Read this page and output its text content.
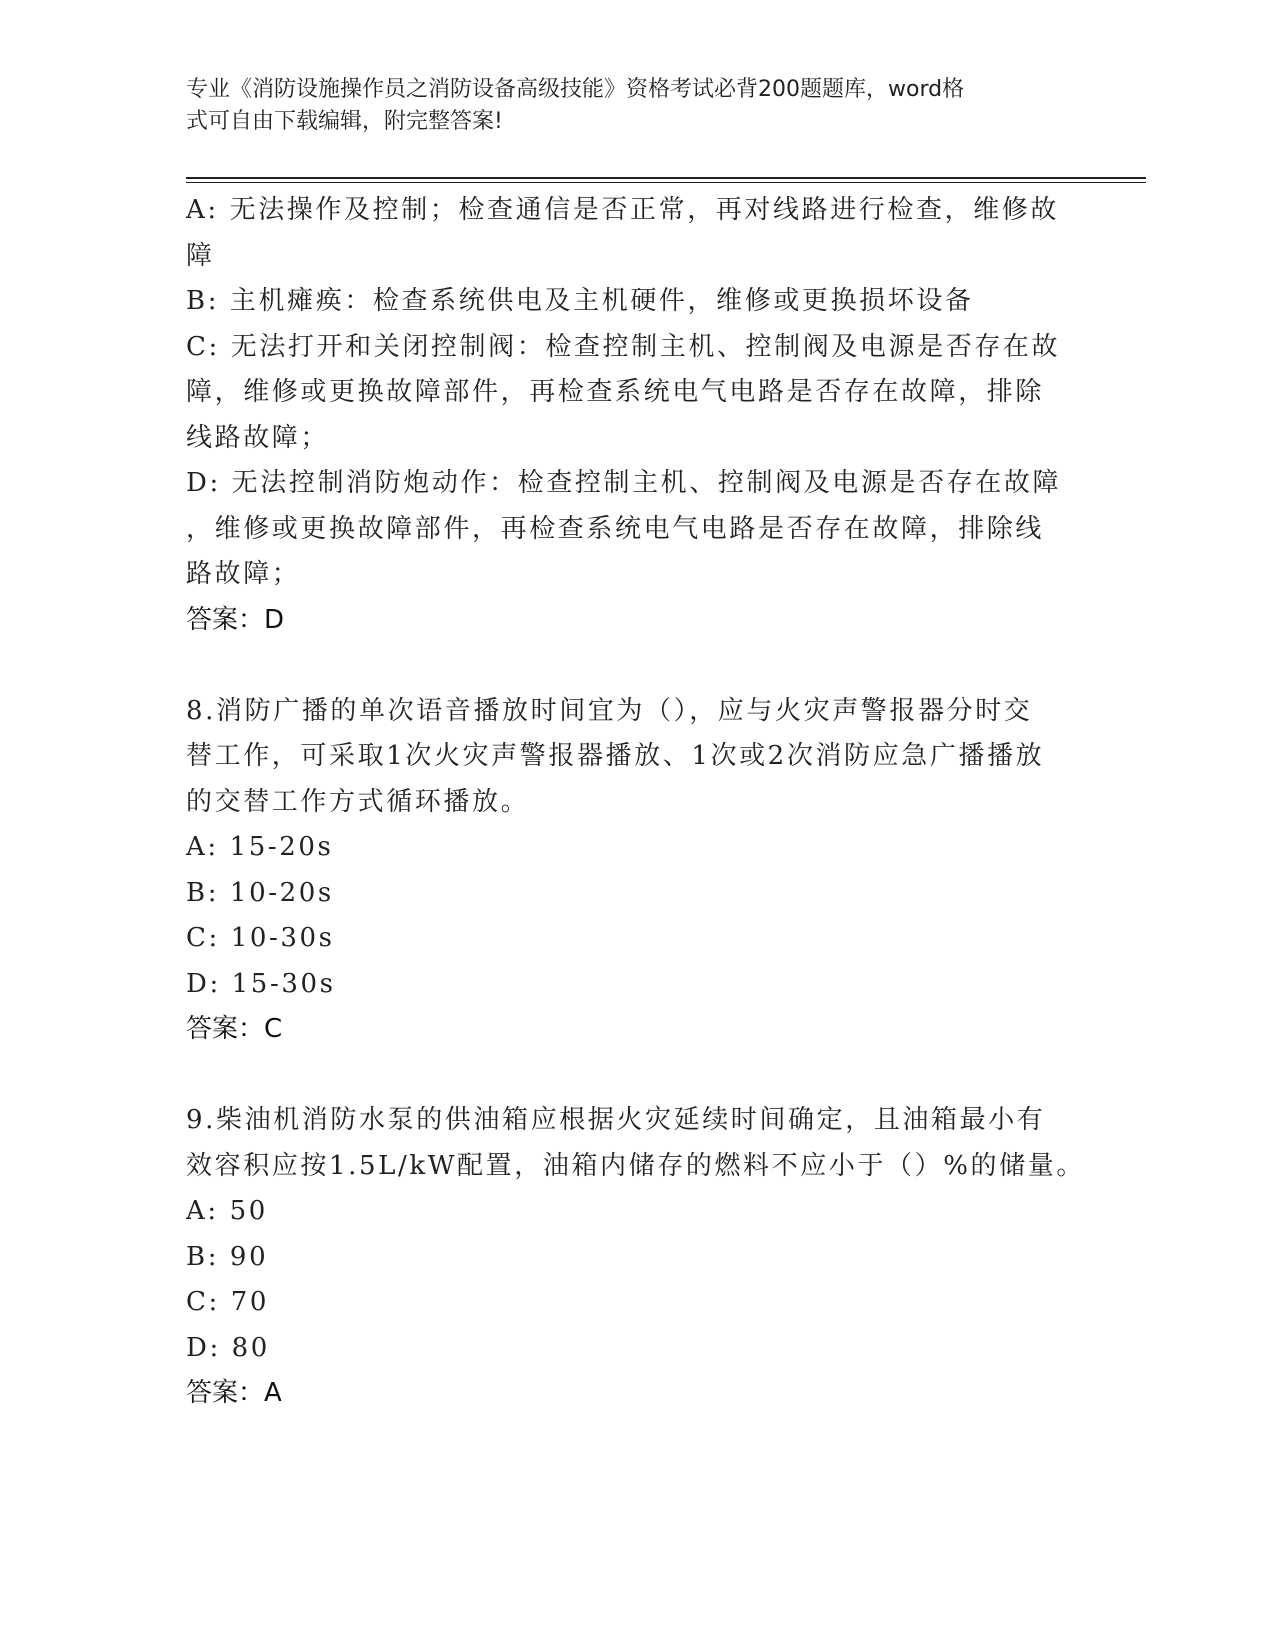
专业《消防设施操作员之消防设备高级技能》资格考试必背200题题库，word格
式可自由下载编辑，附完整答案!
A: 无法操作及控制；检查通信是否正常，再对线路进行检查，维修故
障
B: 主机瘫痪：检查系统供电及主机硬件，维修或更换损坏设备
C: 无法打开和关闭控制阀：检查控制主机、控制阀及电源是否存在故
障，维修或更换故障部件，再检查系统电气电路是否存在故障，排除
线路故障；
D: 无法控制消防炮动作：检查控制主机、控制阀及电源是否存在故障
，维修或更换故障部件，再检查系统电气电路是否存在故障，排除线
路故障；
答案：D
8.消防广播的单次语音播放时间宜为（），应与火灾声警报器分时交
替工作，可采取1次火灾声警报器播放、1次或2次消防应急广播播放
的交替工作方式循环播放。
A: 15-20s
B: 10-20s
C: 10-30s
D: 15-30s
答案：C
9.柴油机消防水泵的供油箱应根据火灾延续时间确定，且油箱最小有
效容积应按1.5L/kW配置，油箱内储存的燃料不应小于（）%的储量。
A: 50
B: 90
C: 70
D: 80
答案：A
